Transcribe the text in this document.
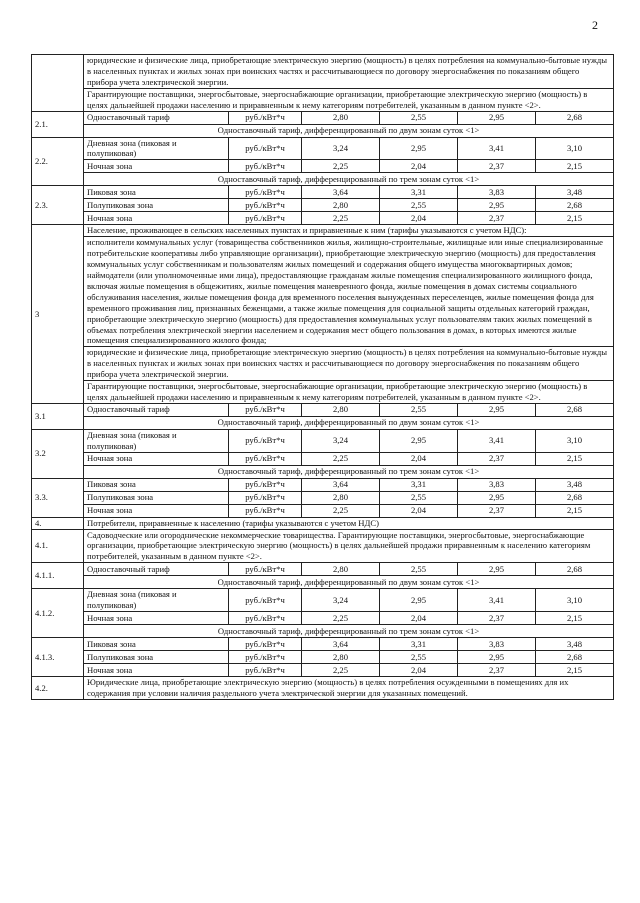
2
	юридические и физические лица, приобретающие электрическую энергию (мощность) в целях потребления на коммунально-бытовые нужды в населенных пунктах и жилых зонах при воинских частях и рассчитывающиеся по договору энергоснабжения по показаниям общего прибора учета электрической энергии.					
	Гарантирующие поставщики, энергосбытовые, энергоснабжающие организации, приобретающие электрическую энергию (мощность) в целях дальнейшей продажи населению и приравненным к нему категориям потребителей, указанным в данном пункте <2>.					
2.1.	Одноставочный тариф	руб./кВт*ч	2,80	2,55	2,95	2,68
	Одноставочный тариф, дифференцированный по двум зонам суток <1>					
2.2.	Дневная зона (пиковая и полупиковая)	руб./кВт*ч	3,24	2,95	3,41	3,10
	Ночная зона	руб./кВт*ч	2,25	2,04	2,37	2,15
	Одноставочный тариф, дифференцированный по трем зонам суток <1>					
2.3.	Пиковая зона	руб./кВт*ч	3,64	3,31	3,83	3,48
	Полупиковая зона	руб./кВт*ч	2,80	2,55	2,95	2,68
	Ночная зона	руб./кВт*ч	2,25	2,04	2,37	2,15
3	Население, проживающее в сельских населенных пунктах и приравненные к ним (тарифы указываются с учетом НДС):					
	исполнители коммунальных услуг (товарищества собственников жилья, жилищно-строительные, жилищные или иные специализированные потребительские кооперативы либо управляющие организации), приобретающие электрическую энергию (мощность) для предоставления коммунальных услуг собственникам и пользователям жилых помещений и содержания общего имущества многоквартирных домов; наймодатели (или уполномоченные ими лица), предоставляющие гражданам жилые помещения специализированного жилищного фонда, включая жилые помещения в общежитиях, жилые помещения маневренного фонда, жилые помещения в домах системы социального обслуживания населения, жилые помещения фонда для временного поселения вынужденных переселенцев, жилые помещения фонда для временного проживания лиц, признанных беженцами, а также жилые помещения для социальной защиты отдельных категорий граждан, приобретающие электрическую энергию (мощность) для предоставления коммунальных услуг пользователям таких жилых помещений в объемах потребления электрической энергии населением и содержания мест общего пользования в домах, в которых имеются жилые помещения специализированного жилого фонда;					
	юридические и физические лица, приобретающие электрическую энергию (мощность) в целях потребления на коммунально-бытовые нужды в населенных пунктах и жилых зонах при воинских частях и рассчитывающиеся по договору энергоснабжения по показаниям общего прибора учета электрической энергии.					
	Гарантирующие поставщики, энергосбытовые, энергоснабжающие организации, приобретающие электрическую энергию (мощность) в целях дальнейшей продажи населению и приравненным к нему категориям потребителей, указанным в данном пункте <2>.					
3.1	Одноставочный тариф	руб./кВт*ч	2,80	2,55	2,95	2,68
	Одноставочный тариф, дифференцированный по двум зонам суток <1>					
3.2	Дневная зона (пиковая и полупиковая)	руб./кВт*ч	3,24	2,95	3,41	3,10
	Ночная зона	руб./кВт*ч	2,25	2,04	2,37	2,15
	Одноставочный тариф, дифференцированный по трем зонам суток <1>					
3.3.	Пиковая зона	руб./кВт*ч	3,64	3,31	3,83	3,48
	Полупиковая зона	руб./кВт*ч	2,80	2,55	2,95	2,68
	Ночная зона	руб./кВт*ч	2,25	2,04	2,37	2,15
4.	Потребители, приравненные к населению (тарифы указываются с учетом НДС)					
4.1.	Садоводческие или огороднические некоммерческие товарищества. Гарантирующие поставщики, энергосбытовые, энергоснабжающие организации, приобретающие электрическую энергию (мощность) в целях дальнейшей продажи приравненным к населению категориям потребителей, указанным в данном пункте <2>.					
4.1.1.	Одноставочный тариф	руб./кВт*ч	2,80	2,55	2,95	2,68
	Одноставочный тариф, дифференцированный по двум зонам суток <1>					
4.1.2.	Дневная зона (пиковая и полупиковая)	руб./кВт*ч	3,24	2,95	3,41	3,10
	Ночная зона	руб./кВт*ч	2,25	2,04	2,37	2,15
	Одноставочный тариф, дифференцированный по трем зонам суток <1>					
4.1.3.	Пиковая зона	руб./кВт*ч	3,64	3,31	3,83	3,48
	Полупиковая зона	руб./кВт*ч	2,80	2,55	2,95	2,68
	Ночная зона	руб./кВт*ч	2,25	2,04	2,37	2,15
4.2.	Юридические лица, приобретающие электрическую энергию (мощность) в целях потребления осужденными в помещениях для их содержания при условии наличия раздельного учета электрической энергии для указанных помещений.					
